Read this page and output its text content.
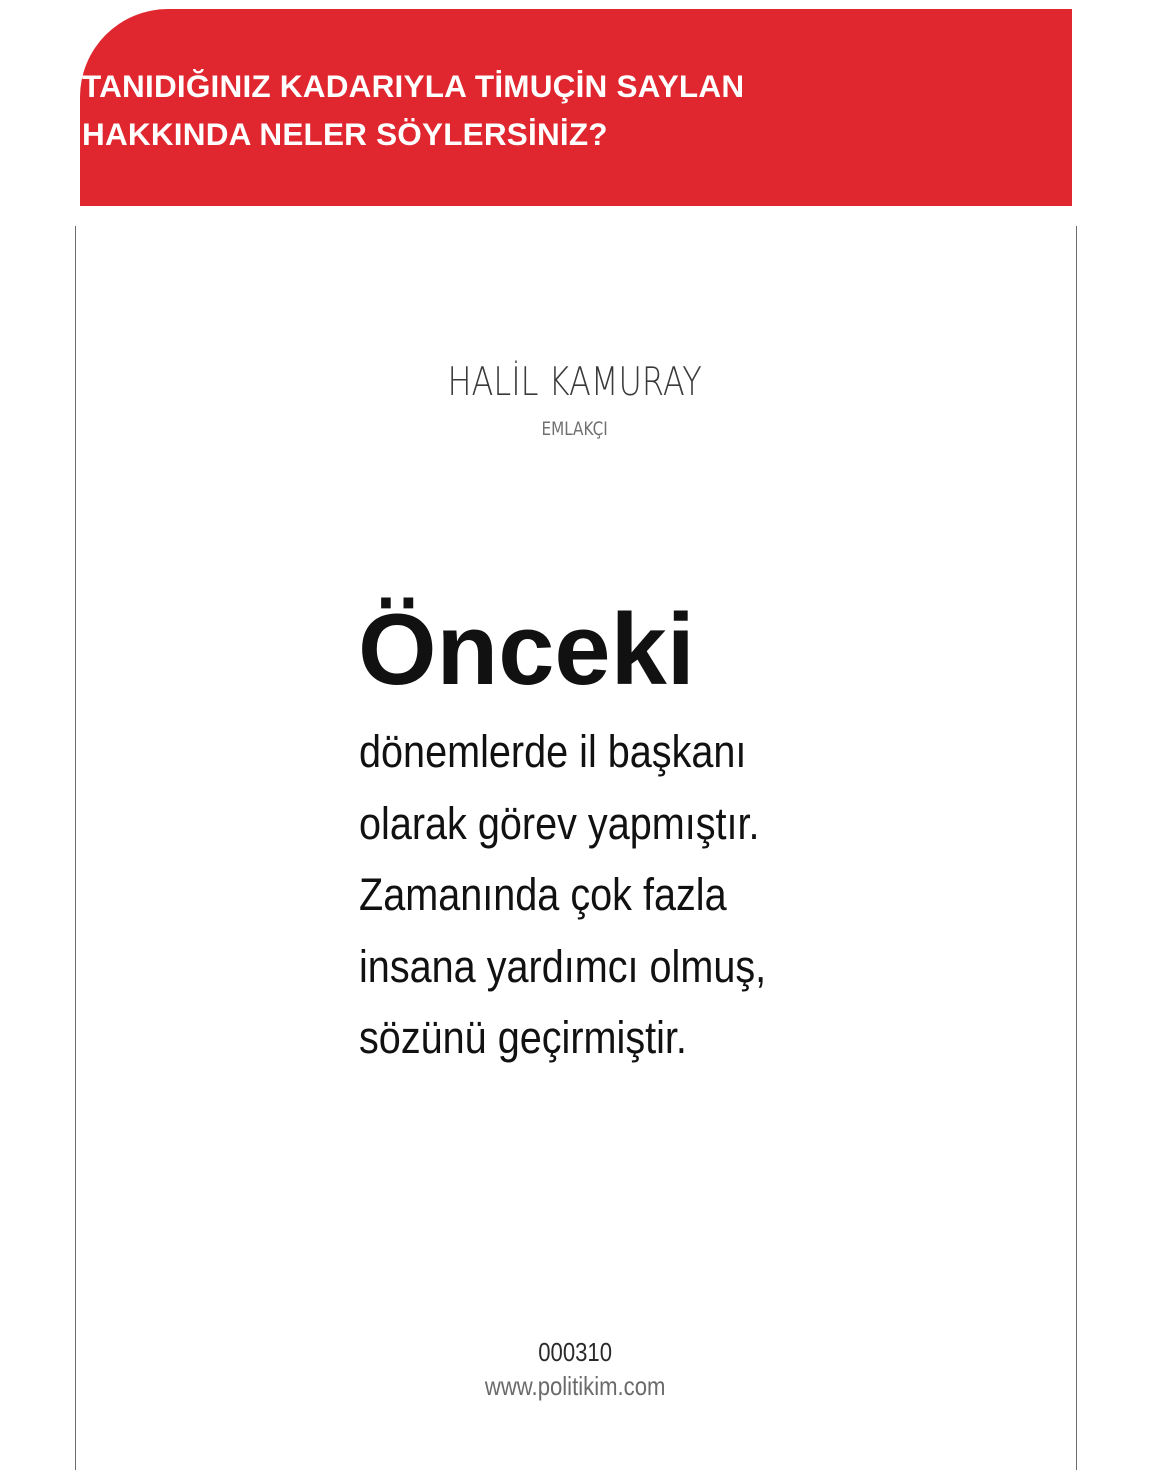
TANIDIĞINIZ KADARIYLA TİMUÇİN SAYLAN
HAKKINDA NELER SÖYLERSİNİZ?
HALİL KAMURAY
EMLAKÇI
Önceki
dönemlerde il başkanı
olarak görev yapmıştır.
Zamanında çok fazla
insana yardımcı olmuş,
sözünü geçirmiştir.
000310
www.politikim.com
